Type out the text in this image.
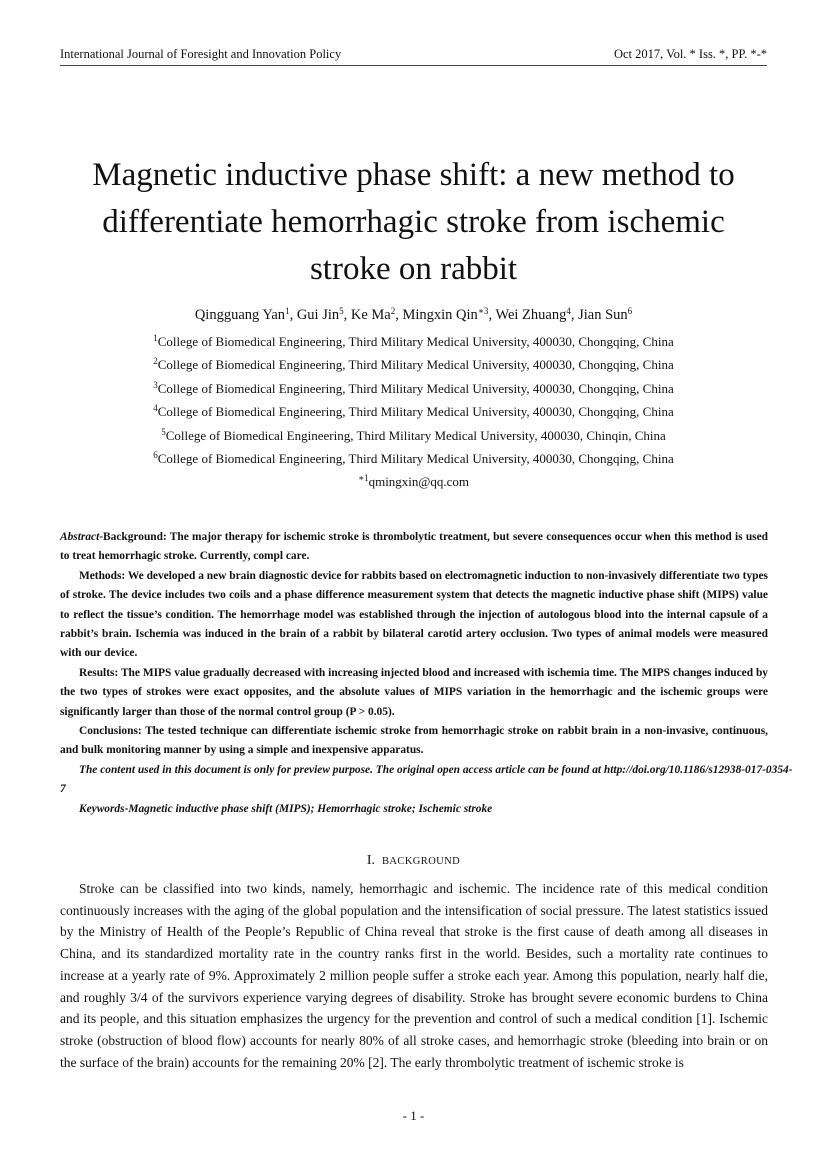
International Journal of Foresight and Innovation Policy	Oct 2017, Vol. * Iss. *, PP. *-*
Magnetic inductive phase shift: a new method to differentiate hemorrhagic stroke from ischemic stroke on rabbit
Qingguang Yan$^1$, Gui Jin$^5$, Ke Ma$^2$, Mingxin Qin$^{∗3}$, Wei Zhuang$^4$, Jian Sun$^6$
$^1$College of Biomedical Engineering, Third Military Medical University, 400030, Chongqing, China
$^2$College of Biomedical Engineering, Third Military Medical University, 400030, Chongqing, China
$^3$College of Biomedical Engineering, Third Military Medical University, 400030, Chongqing, China
$^4$College of Biomedical Engineering, Third Military Medical University, 400030, Chongqing, China
$^5$College of Biomedical Engineering, Third Military Medical University, 400030, Chinqin, China
$^6$College of Biomedical Engineering, Third Military Medical University, 400030, Chongqing, China
$^{∗1}$qmingxin@qq.com

Abstract-Background: The major therapy for ischemic stroke is thrombolytic treatment, but severe consequences occur when this method is used to treat hemorrhagic stroke. Currently, compl care.

Methods: We developed a new brain diagnostic device for rabbits based on electromagnetic induction to non-invasively differentiate two types of stroke. The device includes two coils and a phase difference measurement system that detects the magnetic inductive phase shift (MIPS) value to reflect the tissue’s condition. The hemorrhage model was established through the injection of autologous blood into the internal capsule of a rabbit’s brain. Ischemia was induced in the brain of a rabbit by bilateral carotid artery occlusion. Two types of animal models were measured with our device.

Results: The MIPS value gradually decreased with increasing injected blood and increased with ischemia time. The MIPS changes induced by the two types of strokes were exact opposites, and the absolute values of MIPS variation in the hemorrhagic and the ischemic groups were significantly larger than those of the normal control group (P > 0.05).

Conclusions: The tested technique can differentiate ischemic stroke from hemorrhagic stroke on rabbit brain in a non-invasive, continuous, and bulk monitoring manner by using a simple and inexpensive apparatus.

The content used in this document is only for preview purpose. The original open access article can be found at http://doi.org/10.1186/s12938-017-0354-7

Keywords-Magnetic inductive phase shift (MIPS); Hemorrhagic stroke; Ischemic stroke

I. BACKGROUND

Stroke can be classified into two kinds, namely, hemorrhagic and ischemic. The incidence rate of this medical condition continuously increases with the aging of the global population and the intensification of social pressure. The latest statistics issued by the Ministry of Health of the People’s Republic of China reveal that stroke is the first cause of death among all diseases in China, and its standardized mortality rate in the country ranks first in the world. Besides, such a mortality rate continues to increase at a yearly rate of 9%. Approximately 2 million people suffer a stroke each year. Among this population, nearly half die, and roughly 3/4 of the survivors experience varying degrees of disability. Stroke has brought severe economic burdens to China and its people, and this situation emphasizes the urgency for the prevention and control of such a medical condition [1]. Ischemic stroke (obstruction of blood flow) accounts for nearly 80% of all stroke cases, and hemorrhagic stroke (bleeding into brain or on the surface of the brain) accounts for the remaining 20% [2]. The early thrombolytic treatment of ischemic stroke is

- 1 -
